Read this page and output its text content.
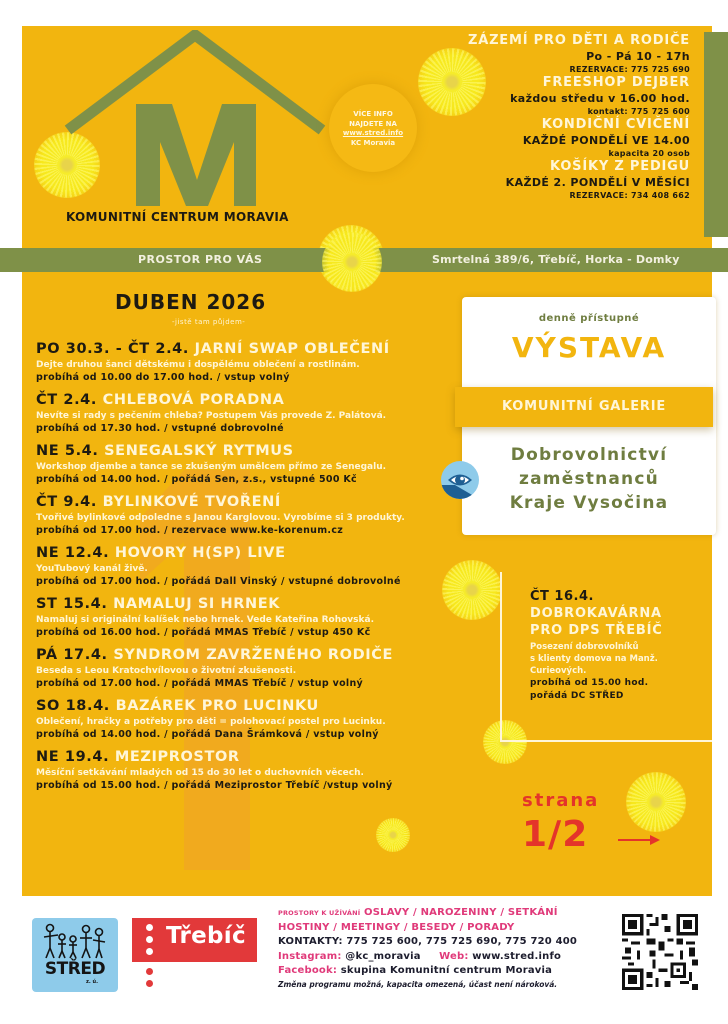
KOMUNITNÍ CENTRUM MORAVIA
VÍCE INFO
NAJDETE NA
www.stred.info
KC Moravia
ZÁZEMÍ PRO DĚTI A RODIČE
Po - Pá 10 - 17h
REZERVACE: 775 725 690
FREESHOP DEJBER
každou středu v 16.00 hod.
kontakt: 775 725 600
KONDIČNÍ CVIČENÍ
KAŽDÉ PONDĚLÍ VE 14.00
kapacita 20 osob
KOŠÍKY Z PEDIGU
KAŽDÉ 2. PONDĚLÍ V MĚSÍCI
REZERVACE: 734 408 662
PROSTOR PRO VÁS	Smrtelná 389/6, Třebíč, Horka - Domky
DUBEN 2026
-jistě tam půjdem-
PO 30.3. - ČT 2.4. JARNÍ SWAP OBLEČENÍ
Dejte druhou šanci dětskému i dospělému oblečení a rostlinám.
probíhá od 10.00 do 17.00 hod. / vstup volný
ČT 2.4. CHLEBOVÁ PORADNA
Nevíte si rady s pečením chleba? Postupem Vás provede Z. Palátová.
probíhá od 17.30 hod. / vstupné dobrovolné
NE 5.4. SENEGALSKÝ RYTMUS
Workshop djembe a tance se zkušeným umělcem přímo ze Senegalu.
probíhá od 14.00 hod. / pořádá Sen, z.s., vstupné 500 Kč
ČT 9.4. BYLINKOVÉ TVOŘENÍ
Tvořivé bylinkové odpoledne s Janou Karglovou. Vyrobíme si 3 produkty.
probíhá od 17.00 hod. / rezervace www.ke-korenum.cz
NE 12.4. HOVORY H(SP) LIVE
YouTubový kanál živě.
probíhá od 17.00 hod. / pořádá Dall Vinský / vstupné dobrovolné
ST 15.4. NAMALUJ SI HRNEK
Namaluj si originální kalíšek nebo hrnek. Vede Kateřina Rohovská.
probíhá od 16.00 hod. / pořádá MMAS Třebíč / vstup 450 Kč
PÁ 17.4. SYNDROM ZAVRŽENÉHO RODIČE
Beseda s Leou Kratochvílovou o životní zkušenosti.
probíhá od 17.00 hod. / pořádá MMAS Třebíč / vstup volný
SO 18.4. BAZÁREK PRO LUCINKU
Oblečení, hračky a potřeby pro děti = polohovací postel pro Lucinku.
probíhá od 14.00 hod. / pořádá Dana Šrámková / vstup volný
NE 19.4. MEZIPROSTOR
Měsíční setkávání mladých od 15 do 30 let o duchovních věcech.
probíhá od 15.00 hod. / pořádá Meziprostor Třebíč /vstup volný
denně přístupné
VÝSTAVA
Dobrovolnictví
zaměstnanců
Kraje Vysočina
KOMUNITNÍ GALERIE
ČT 16.4.
DOBROKAVÁRNA
PRO DPS TŘEBÍČ
Posezení dobrovolníků
s klienty domova na Manž.
Curieových.
probíhá od 15.00 hod.
pořádá DC STŘED
strana
1/2
STŘED
z. ú.
Třebíč
PROSTORY K UŽÍVÁNÍ OSLAVY / NAROZENINY / SETKÁNÍ
HOSTINY / MEETINGY / BESEDY / PORADY
KONTAKTY: 775 725 600, 775 725 690, 775 720 400
Instagram: @kc_moravia Web: www.stred.info
Facebook: skupina Komunitní centrum Moravia
Změna programu možná, kapacita omezená, účast není nároková.
